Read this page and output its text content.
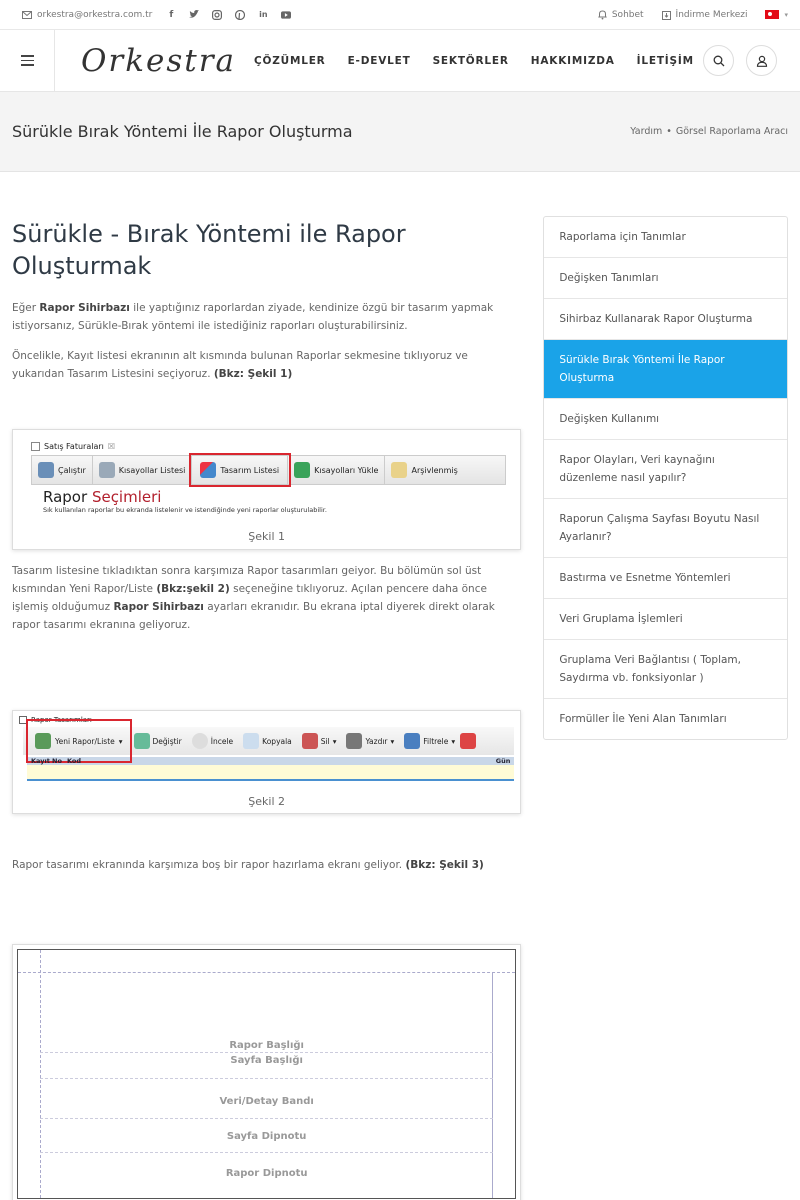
orkestra@orkestra.com.tr	f	in	Sohbet	İndirme Merkezi	▾
Orkestra	ÇÖZÜMLER E-DEVLET SEKTÖRLER HAKKIMIZDA İLETİŞİM
Sürükle Bırak Yöntemi İle Rapor Oluşturma	Yardım • Görsel Raporlama Aracı
Sürükle - Bırak Yöntemi ile Rapor Oluşturmak

Eğer Rapor Sihirbazı ile yaptığınız raporlardan ziyade, kendinize özgü bir tasarım yapmak istiyorsanız, Sürükle-Bırak yöntemi ile istediğiniz raporları oluşturabilirsiniz.

Öncelikle, Kayıt listesi ekranının alt kısmında bulunan Raporlar sekmesine tıklıyoruz ve yukarıdan Tasarım Listesini seçiyoruz. (Bkz: Şekil 1)

Satış Faturaları ☒
Çalıştır	Kısayollar Listesi	Tasarım Listesi	Kısayolları Yükle	Arşivlenmiş
Rapor Seçimleri
Sık kullanılan raporlar bu ekranda listelenir ve istendiğinde yeni raporlar oluşturulabilir.
Şekil 1

Tasarım listesine tıkladıktan sonra karşımıza Rapor tasarımları geiyor. Bu bölümün sol üst kısmından Yeni Rapor/Liste (Bkz:şekil 2) seçeneğine tıklıyoruz. Açılan pencere daha önce işlemiş olduğumuz Rapor Sihirbazı ayarları ekranıdır. Bu ekrana iptal diyerek direkt olarak rapor tasarımı ekranına geliyoruz.

Rapor Tasarımları
Yeni Rapor/Liste ▾	Değiştir	İncele	Kopyala	Sil ▾	Yazdır ▾	Filtrele ▾
Kayıt No Kod	Gün
Şekil 2

Rapor tasarımı ekranında karşımıza boş bir rapor hazırlama ekranı geliyor. (Bkz: Şekil 3)

Rapor Başlığı
Sayfa Başlığı
Veri/Detay Bandı
Sayfa Dipnotu
Rapor Dipnotu
Raporlama için Tanımlar
Değişken Tanımları
Sihirbaz Kullanarak Rapor Oluşturma
Sürükle Bırak Yöntemi İle Rapor Oluşturma
Değişken Kullanımı
Rapor Olayları, Veri kaynağını düzenleme nasıl yapılır?
Raporun Çalışma Sayfası Boyutu Nasıl Ayarlanır?
Bastırma ve Esnetme Yöntemleri
Veri Gruplama İşlemleri
Gruplama Veri Bağlantısı ( Toplam, Saydırma vb. fonksiyonlar )
Formüller İle Yeni Alan Tanımları
